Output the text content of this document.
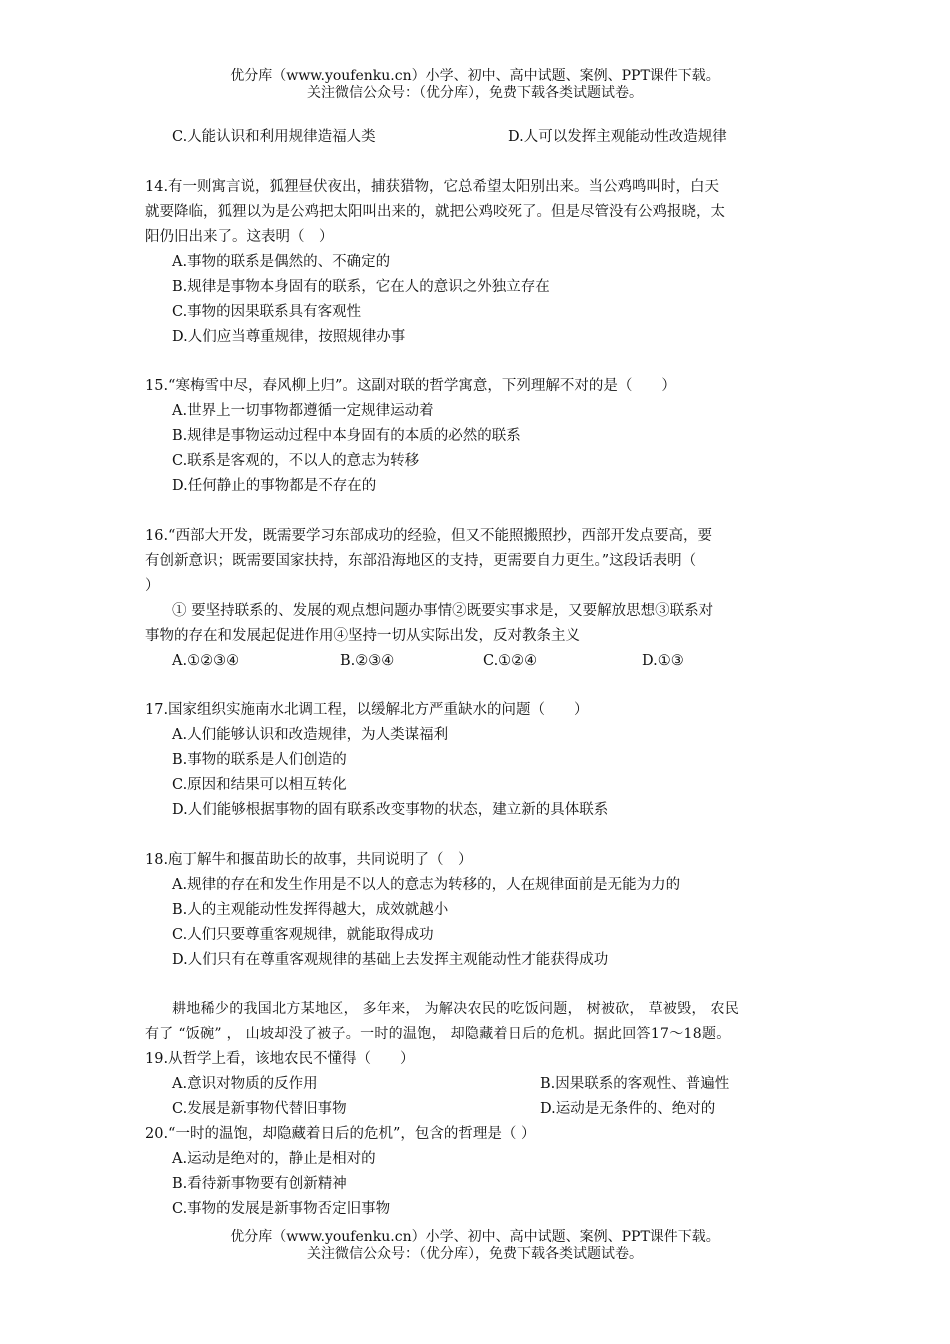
优分库（www.youfenku.cn）小学、初中、高中试题、案例、PPT课件下载。
关注微信公众号：（优分库），免费下载各类试题试卷。
C.人能认识和利用规律造福人类	D.人可以发挥主观能动性改造规律
14.有一则寓言说，狐狸昼伏夜出，捕获猎物，它总希望太阳别出来。当公鸡鸣叫时，白天
就要降临，狐狸以为是公鸡把太阳叫出来的，就把公鸡咬死了。但是尽管没有公鸡报晓，太
阳仍旧出来了。这表明（　）
A.事物的联系是偶然的、不确定的
B.规律是事物本身固有的联系，它在人的意识之外独立存在
C.事物的因果联系具有客观性
D.人们应当尊重规律，按照规律办事
15.“寒梅雪中尽，春风柳上归”。这副对联的哲学寓意，下列理解不对的是（　　）
A.世界上一切事物都遵循一定规律运动着
B.规律是事物运动过程中本身固有的本质的必然的联系
C.联系是客观的，不以人的意志为转移
D.任何静止的事物都是不存在的
16.“西部大开发，既需要学习东部成功的经验，但又不能照搬照抄，西部开发点要高，要
有创新意识；既需要国家扶持，东部沿海地区的支持，更需要自力更生。”这段话表明（
）
① 要坚持联系的、发展的观点想问题办事情②既要实事求是，又要解放思想③联系对
事物的存在和发展起促进作用④坚持一切从实际出发，反对教条主义
A.①②③④	B.②③④	C.①②④	D.①③
17.国家组织实施南水北调工程，以缓解北方严重缺水的问题（　　）
A.人们能够认识和改造规律，为人类谋福利
B.事物的联系是人们创造的
C.原因和结果可以相互转化
D.人们能够根据事物的固有联系改变事物的状态，建立新的具体联系
18.庖丁解牛和揠苗助长的故事，共同说明了（　）
A.规律的存在和发生作用是不以人的意志为转移的，人在规律面前是无能为力的
B.人的主观能动性发挥得越大，成效就越小
C.人们只要尊重客观规律，就能取得成功
D.人们只有在尊重客观规律的基础上去发挥主观能动性才能获得成功
耕地稀少的我国北方某地区， 多年来， 为解决农民的吃饭问题， 树被砍， 草被毁， 农民
有了 “饭碗” ， 山坡却没了被子。一时的温饱， 却隐藏着日后的危机。据此回答17～18题。
19.从哲学上看，该地农民不懂得（　　）
A.意识对物质的反作用	B.因果联系的客观性、普遍性
C.发展是新事物代替旧事物	D.运动是无条件的、绝对的
20.“一时的温饱，却隐藏着日后的危机”，包含的哲理是（ ）
A.运动是绝对的，静止是相对的
B.看待新事物要有创新精神
C.事物的发展是新事物否定旧事物
优分库（www.youfenku.cn）小学、初中、高中试题、案例、PPT课件下载。
关注微信公众号：（优分库），免费下载各类试题试卷。
